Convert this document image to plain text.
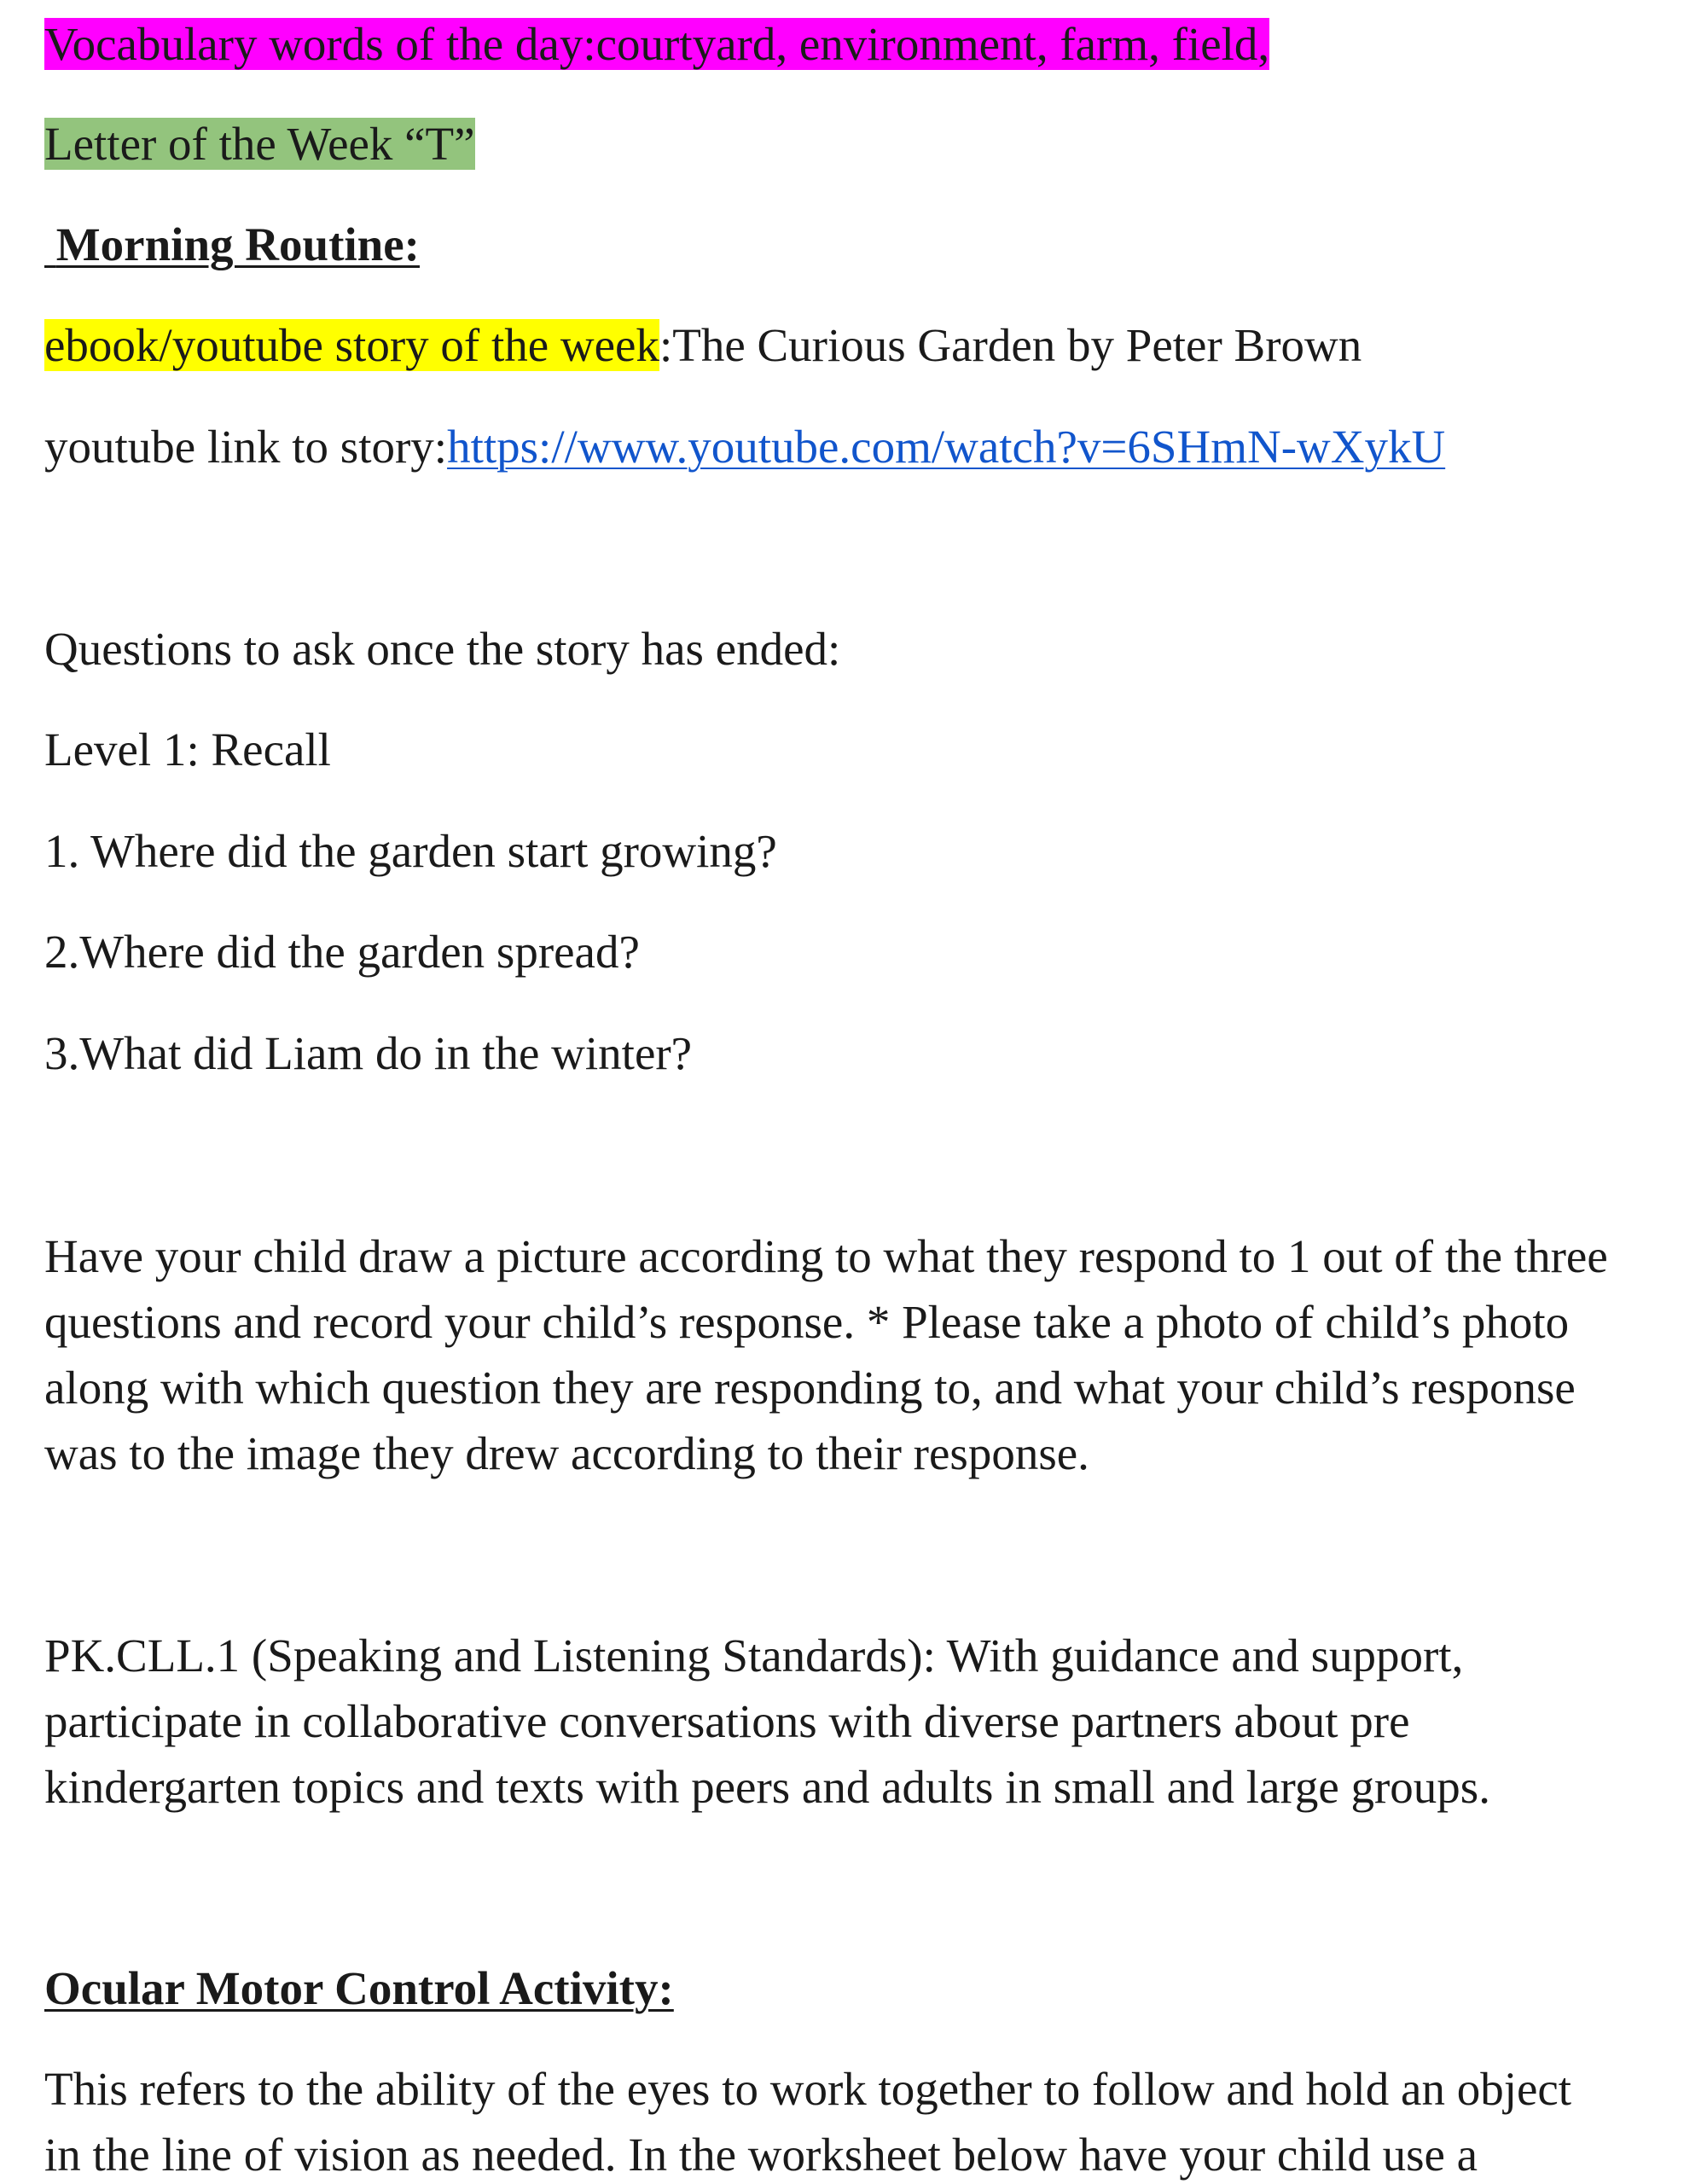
Vocabulary words of the day:courtyard, environment, farm, field,
Letter of the Week “T”
Morning Routine:
ebook/youtube story of the week:The Curious Garden by Peter Brown
youtube link to story:https://www.youtube.com/watch?v=6SHmN-wXykU
Questions to ask once the story has ended:
Level 1: Recall
1. Where did the garden start growing?
2.Where did the garden spread?
3.What did Liam do in the winter?
Have your child draw a picture according to what they respond to 1 out of the three
questions and record your child’s response. * Please take a photo of child’s photo
along with which question they are responding to, and what your child’s response
was to the image they drew according to their response.
PK.CLL.1 (Speaking and Listening Standards): With guidance and support,
participate in collaborative conversations with diverse partners about pre
kindergarten topics and texts with peers and adults in small and large groups.
Ocular Motor Control Activity:
This refers to the ability of the eyes to work together to follow and hold an object
in the line of vision as needed. In the worksheet below have your child use a
